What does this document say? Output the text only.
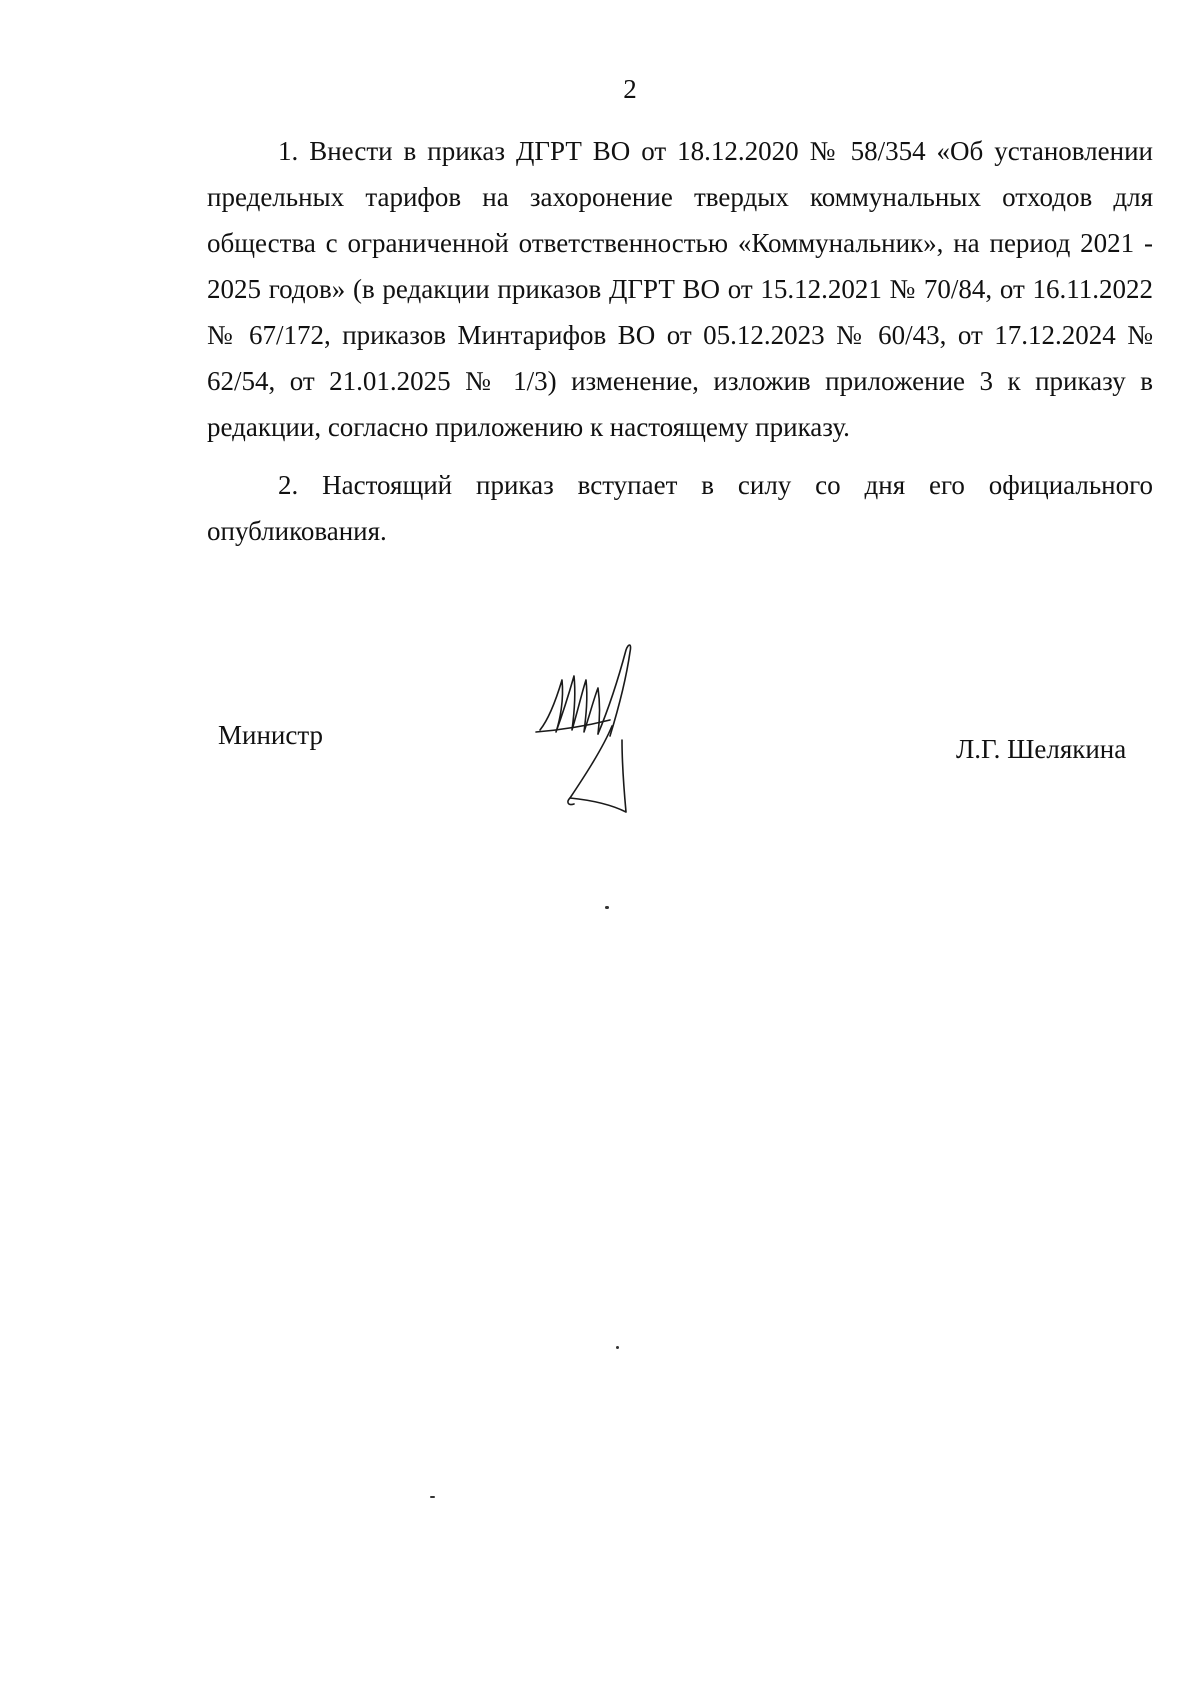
2

1. Внести в приказ ДГРТ ВО от 18.12.2020 № 58/354 «Об установлении предельных тарифов на захоронение твердых коммунальных отходов для общества с ограниченной ответственностью «Коммунальник», на период 2021 - 2025 годов» (в редакции приказов ДГРТ ВО от 15.12.2021 № 70/84, от 16.11.2022 № 67/172, приказов Минтарифов ВО от 05.12.2023 № 60/43, от 17.12.2024 № 62/54, от 21.01.2025 № 1/3) изменение, изложив приложение 3 к приказу в редакции, согласно приложению к настоящему приказу.

2. Настоящий приказ вступает в силу со дня его официального опубликования.

Министр	Л.Г. Шелякина
